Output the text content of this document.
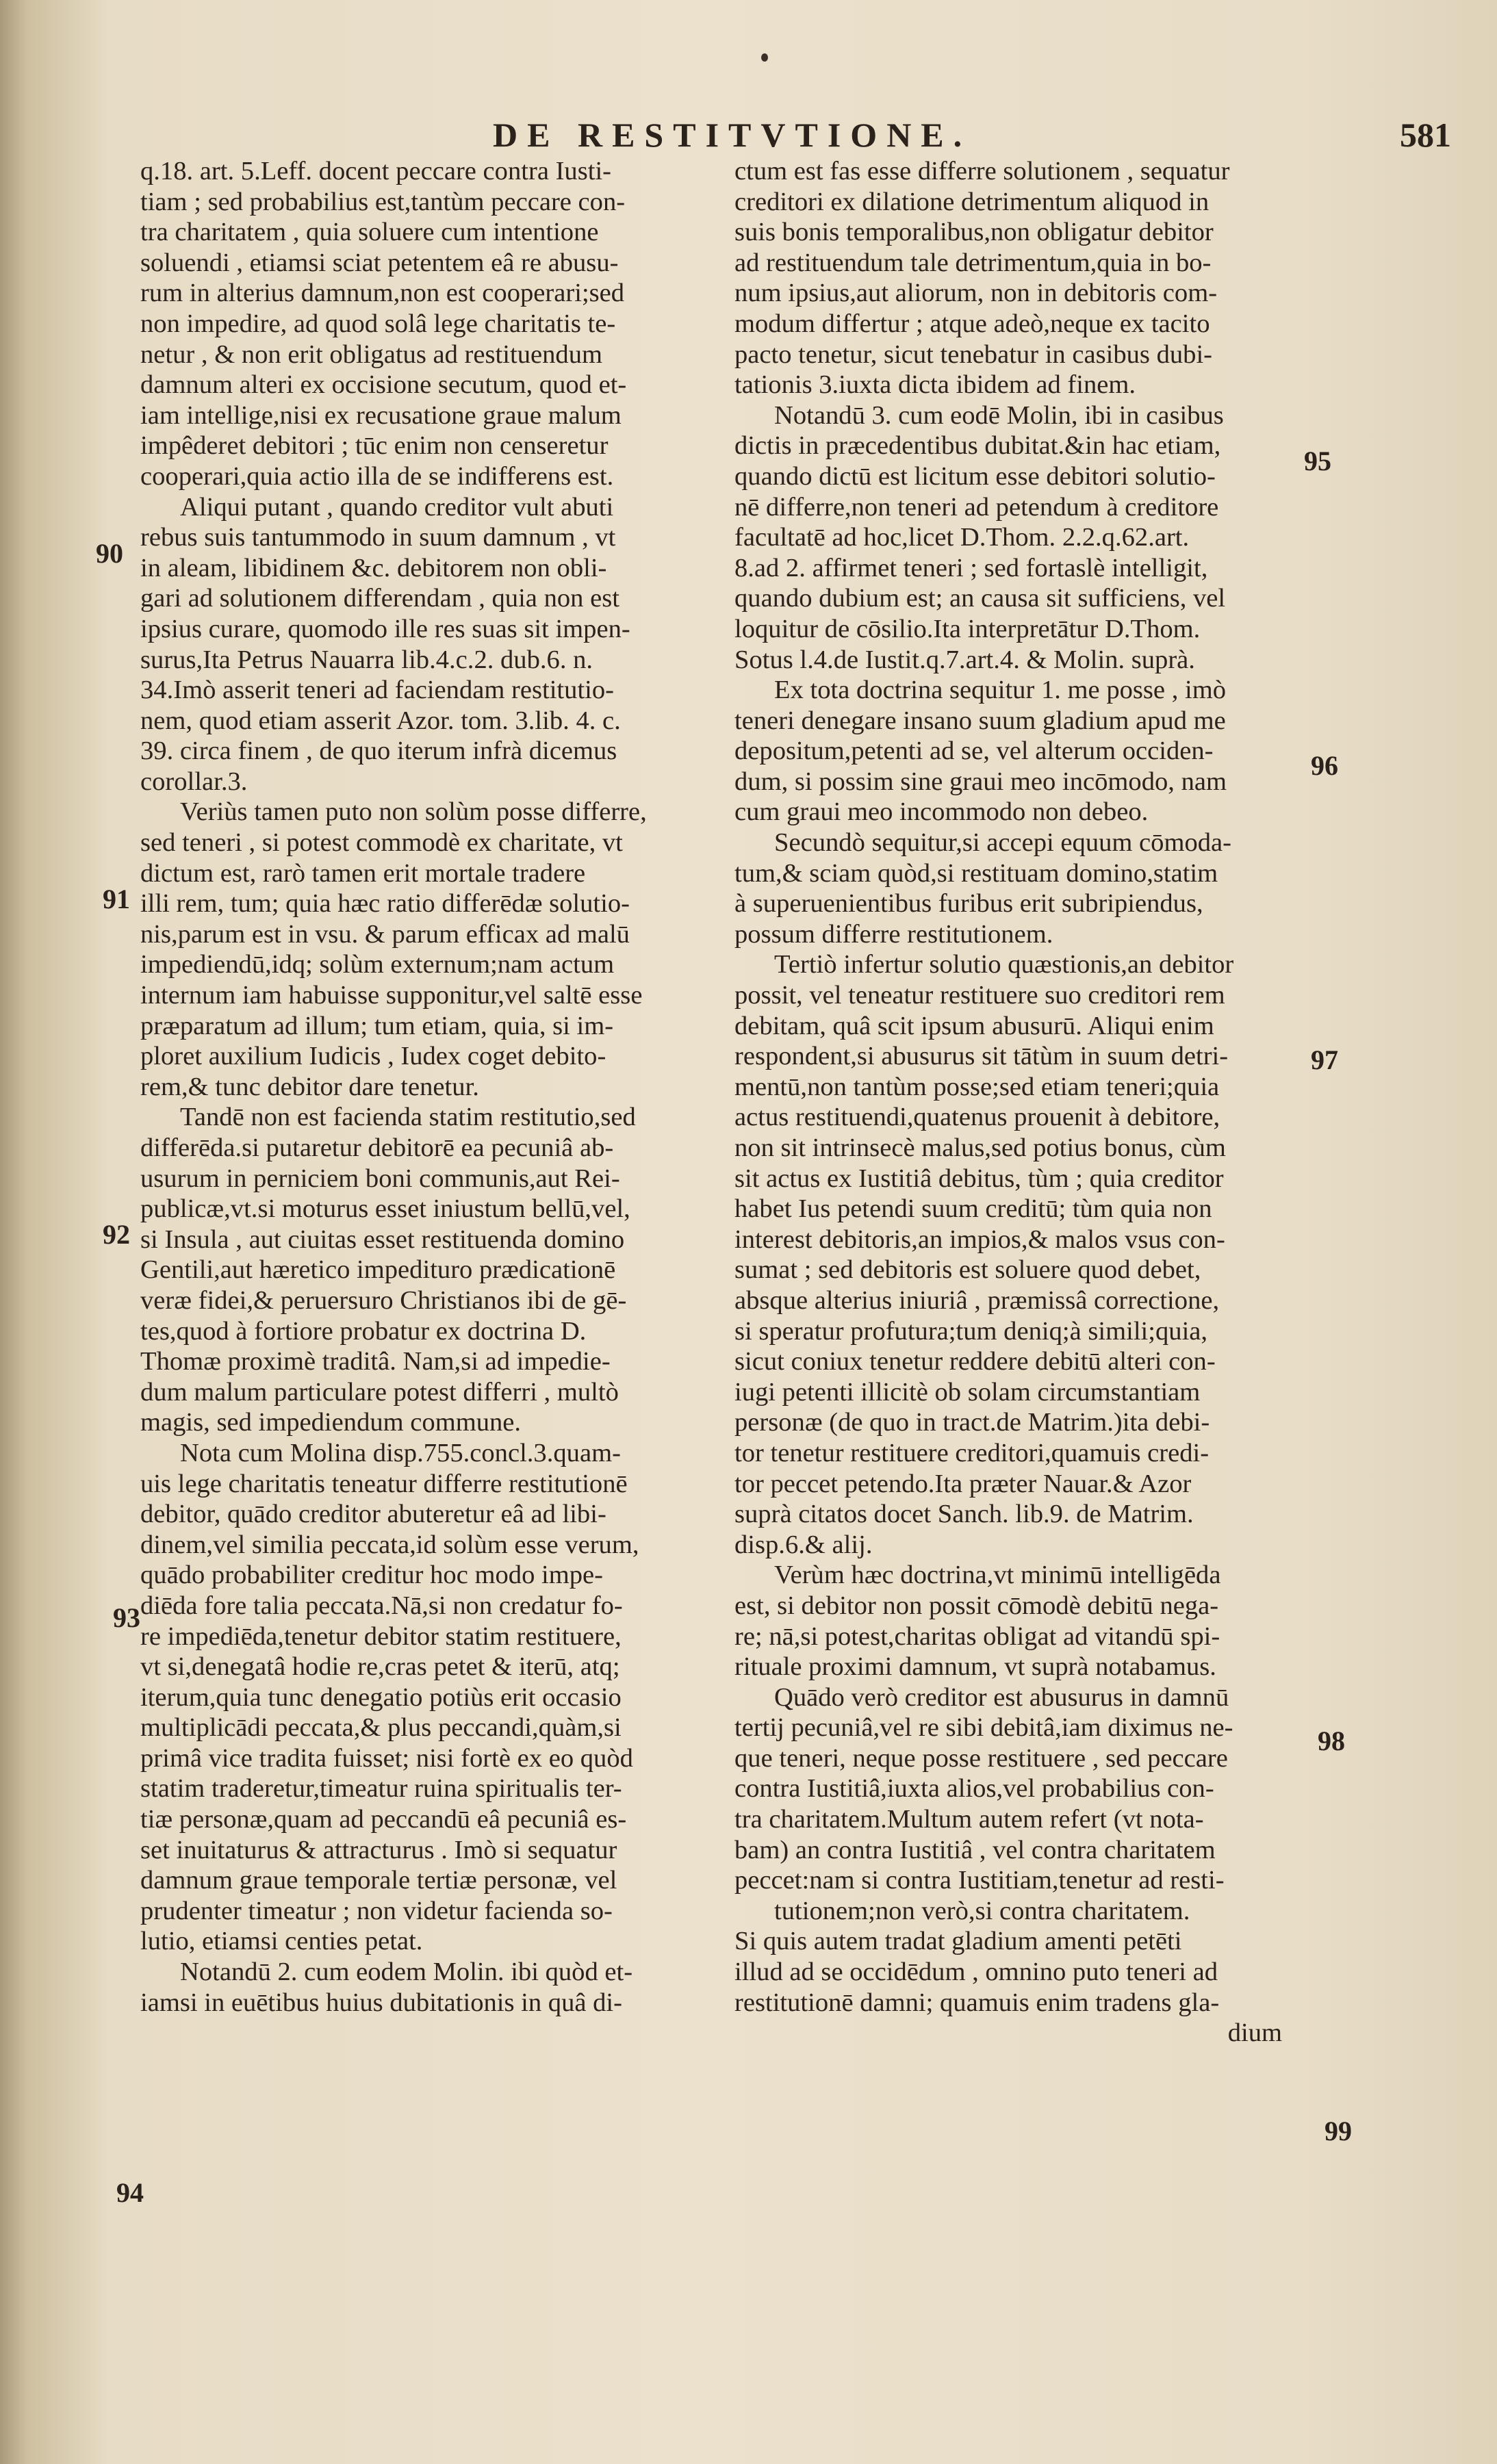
DE RESTITVTIONE.	581
q.18. art. 5.Leff. docent peccare contra Iusti-
tiam ; sed probabilius est,tantùm peccare con-
tra charitatem , quia soluere cum intentione
soluendi , etiamsi sciat petentem eâ re abusu-
rum in alterius damnum,non est cooperari;sed
non impedire, ad quod solâ lege charitatis te-
netur , & non erit obligatus ad restituendum
damnum alteri ex occisione secutum, quod et-
iam intellige,nisi ex recusatione graue malum
impêderet debitori ; tūc enim non censeretur
cooperari,quia actio illa de se indifferens est.
Aliqui putant , quando creditor vult abuti
rebus suis tantummodo in suum damnum , vt
in aleam, libidinem &c. debitorem non obli-
gari ad solutionem differendam , quia non est
ipsius curare, quomodo ille res suas sit impen-
surus,Ita Petrus Nauarra lib.4.c.2. dub.6. n.
34.Imò asserit teneri ad faciendam restitutio-
nem, quod etiam asserit Azor. tom. 3.lib. 4. c.
39. circa finem , de quo iterum infrà dicemus
corollar.3.
Veriùs tamen puto non solùm posse differre,
sed teneri , si potest commodè ex charitate, vt
dictum est, rarò tamen erit mortale tradere
illi rem, tum; quia hæc ratio differēdæ solutio-
nis,parum est in vsu. & parum efficax ad malū
impediendū,idq; solùm externum;nam actum
internum iam habuisse supponitur,vel saltē esse
præparatum ad illum; tum etiam, quia, si im-
ploret auxilium Iudicis , Iudex coget debito-
rem,& tunc debitor dare tenetur.
Tandē non est facienda statim restitutio,sed
differēda.si putaretur debitorē ea pecuniâ ab-
usurum in perniciem boni communis,aut Rei-
publicæ,vt.si moturus esset iniustum bellū,vel,
si Insula , aut ciuitas esset restituenda domino
Gentili,aut hæretico impedituro prædicationē
veræ fidei,& peruersuro Christianos ibi de gē-
tes,quod à fortiore probatur ex doctrina D.
Thomæ proximè traditâ. Nam,si ad impedie-
dum malum particulare potest differri , multò
magis, sed impediendum commune.
Nota cum Molina disp.755.concl.3.quam-
uis lege charitatis teneatur differre restitutionē
debitor, quādo creditor abuteretur eâ ad libi-
dinem,vel similia peccata,id solùm esse verum,
quādo probabiliter creditur hoc modo impe-
diēda fore talia peccata.Nā,si non credatur fo-
re impediēda,tenetur debitor statim restituere,
vt si,denegatâ hodie re,cras petet & iterū, atq;
iterum,quia tunc denegatio potiùs erit occasio
multiplicādi peccata,& plus peccandi,quàm,si
primâ vice tradita fuisset; nisi fortè ex eo quòd
statim traderetur,timeatur ruina spiritualis ter-
tiæ personæ,quam ad peccandū eâ pecuniâ es-
set inuitaturus & attracturus . Imò si sequatur
damnum graue temporale tertiæ personæ, vel
prudenter timeatur ; non videtur facienda so-
lutio, etiamsi centies petat.
Notandū 2. cum eodem Molin. ibi quòd et-
iamsi in euētibus huius dubitationis in quâ di-
ctum est fas esse differre solutionem , sequatur
creditori ex dilatione detrimentum aliquod in
suis bonis temporalibus,non obligatur debitor
ad restituendum tale detrimentum,quia in bo-
num ipsius,aut aliorum, non in debitoris com-
modum differtur ; atque adeò,neque ex tacito
pacto tenetur, sicut tenebatur in casibus dubi-
tationis 3.iuxta dicta ibidem ad finem.
Notandū 3. cum eodē Molin, ibi in casibus
dictis in præcedentibus dubitat.&in hac etiam,
quando dictū est licitum esse debitori solutio-
nē differre,non teneri ad petendum à creditore
facultatē ad hoc,licet D.Thom. 2.2.q.62.art.
8.ad 2. affirmet teneri ; sed fortaslè intelligit,
quando dubium est; an causa sit sufficiens, vel
loquitur de cōsilio.Ita interpretātur D.Thom.
Sotus l.4.de Iustit.q.7.art.4. & Molin. suprà.
Ex tota doctrina sequitur 1. me posse , imò
teneri denegare insano suum gladium apud me
depositum,petenti ad se, vel alterum occiden-
dum, si possim sine graui meo incōmodo, nam
cum graui meo incommodo non debeo.
Secundò sequitur,si accepi equum cōmoda-
tum,& sciam quòd,si restituam domino,statim
à superuenientibus furibus erit subripiendus,
possum differre restitutionem.
Tertiò infertur solutio quæstionis,an debitor
possit, vel teneatur restituere suo creditori rem
debitam, quâ scit ipsum abusurū. Aliqui enim
respondent,si abusurus sit tātùm in suum detri-
mentū,non tantùm posse;sed etiam teneri;quia
actus restituendi,quatenus prouenit à debitore,
non sit intrinsecè malus,sed potius bonus, cùm
sit actus ex Iustitiâ debitus, tùm ; quia creditor
habet Ius petendi suum creditū; tùm quia non
interest debitoris,an impios,& malos vsus con-
sumat ; sed debitoris est soluere quod debet,
absque alterius iniuriâ , præmissâ correctione,
si speratur profutura;tum deniq;à simili;quia,
sicut coniux tenetur reddere debitū alteri con-
iugi petenti illicitè ob solam circumstantiam
personæ (de quo in tract.de Matrim.)ita debi-
tor tenetur restituere creditori,quamuis credi-
tor peccet petendo.Ita præter Nauar.& Azor
suprà citatos docet Sanch. lib.9. de Matrim.
disp.6.& alij.
Verùm hæc doctrina,vt minimū intelligēda
est, si debitor non possit cōmodè debitū nega-
re; nā,si potest,charitas obligat ad vitandū spi-
rituale proximi damnum, vt suprà notabamus.
Quādo verò creditor est abusurus in damnū
tertij pecuniâ,vel re sibi debitâ,iam diximus ne-
que teneri, neque posse restituere , sed peccare
contra Iustitiâ,iuxta alios,vel probabilius con-
tra charitatem.Multum autem refert (vt nota-
bam) an contra Iustitiâ , vel contra charitatem
peccet:nam si contra Iustitiam,tenetur ad resti-
tutionem;non verò,si contra charitatem.
Si quis autem tradat gladium amenti petēti
illud ad se occidēdum , omnino puto teneri ad
restitutionē damni; quamuis enim tradens gla-
dium
90
91
92
93
94
95
96
97
98
99
